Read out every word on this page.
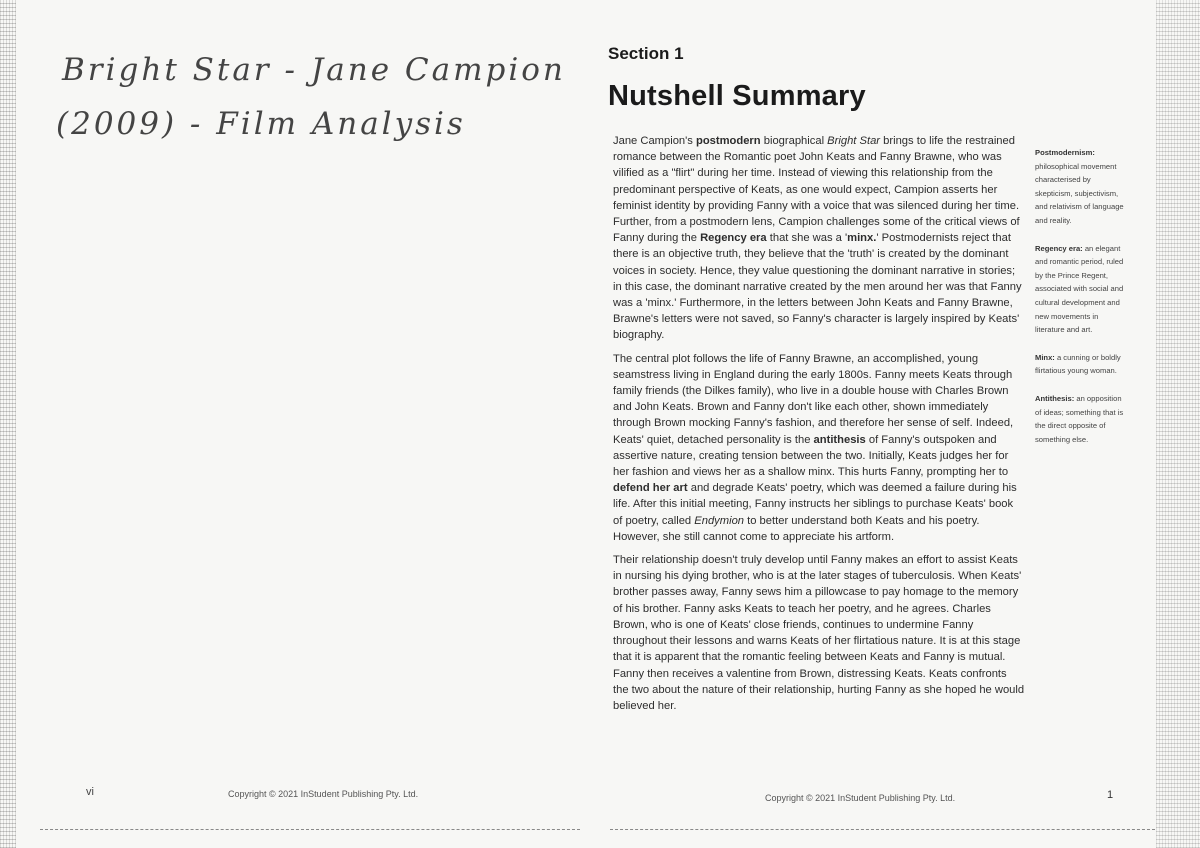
Bright Star - Jane Campion
(2009) - Film Analysis
vi	Copyright © 2021 InStudent Publishing Pty. Ltd.
Section 1
Nutshell Summary

Jane Campion's postmodern biographical Bright Star brings to life the restrained romance between the Romantic poet John Keats and Fanny Brawne, who was vilified as a "flirt" during her time. Instead of viewing this relationship from the predominant perspective of Keats, as one would expect, Campion asserts her feminist identity by providing Fanny with a voice that was silenced during her time. Further, from a postmodern lens, Campion challenges some of the critical views of Fanny during the Regency era that she was a 'minx.' Postmodernists reject that there is an objective truth, they believe that the 'truth' is created by the dominant voices in society. Hence, they value questioning the dominant narrative in stories; in this case, the dominant narrative created by the men around her was that Fanny was a 'minx.' Furthermore, in the letters between John Keats and Fanny Brawne, Brawne's letters were not saved, so Fanny's character is largely inspired by Keats' biography.

The central plot follows the life of Fanny Brawne, an accomplished, young seamstress living in England during the early 1800s. Fanny meets Keats through family friends (the Dilkes family), who live in a double house with Charles Brown and John Keats. Brown and Fanny don't like each other, shown immediately through Brown mocking Fanny's fashion, and therefore her sense of self. Indeed, Keats' quiet, detached personality is the antithesis of Fanny's outspoken and assertive nature, creating tension between the two. Initially, Keats judges her for her fashion and views her as a shallow minx. This hurts Fanny, prompting her to defend her art and degrade Keats' poetry, which was deemed a failure during his life. After this initial meeting, Fanny instructs her siblings to purchase Keats' book of poetry, called Endymion to better understand both Keats and his poetry. However, she still cannot come to appreciate his artform.

Their relationship doesn't truly develop until Fanny makes an effort to assist Keats in nursing his dying brother, who is at the later stages of tuberculosis. When Keats' brother passes away, Fanny sews him a pillowcase to pay homage to the memory of his brother. Fanny asks Keats to teach her poetry, and he agrees. Charles Brown, who is one of Keats' close friends, continues to undermine Fanny throughout their lessons and warns Keats of her flirtatious nature. It is at this stage that it is apparent that the romantic feeling between Keats and Fanny is mutual. Fanny then receives a valentine from Brown, distressing Keats. Keats confronts the two about the nature of their relationship, hurting Fanny as she hoped he would believed her.

Postmodernism: philosophical movement characterised by skepticism, subjectivism, and relativism of language and reality.
Regency era: an elegant and romantic period, ruled by the Prince Regent, associated with social and cultural development and new movements in literature and art.
Minx: a cunning or boldly flirtatious young woman.
Antithesis: an opposition of ideas; something that is the direct opposite of something else.
Copyright © 2021 InStudent Publishing Pty. Ltd.	1
